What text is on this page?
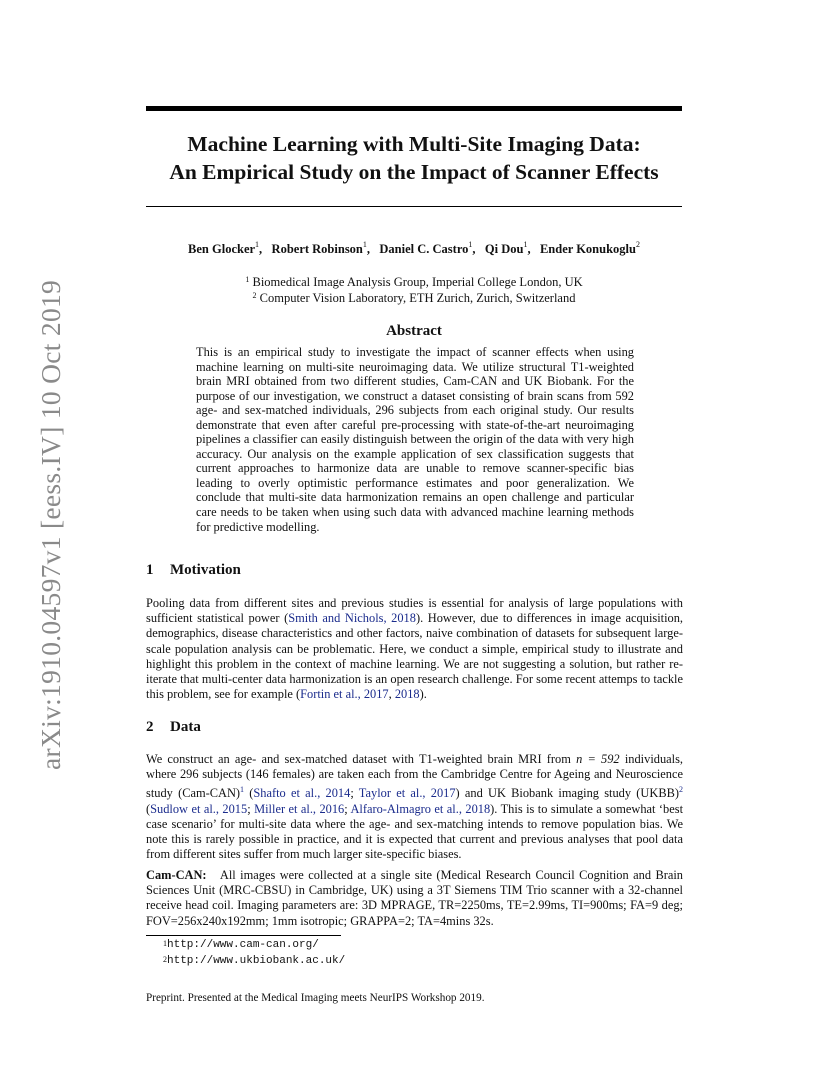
arXiv:1910.04597v1 [eess.IV] 10 Oct 2019
Machine Learning with Multi-Site Imaging Data:
An Empirical Study on the Impact of Scanner Effects
Ben Glocker$^1$,   Robert Robinson$^1$,   Daniel C. Castro$^1$,   Qi Dou$^1$,   Ender Konukoglu$^2$
$^1$ Biomedical Image Analysis Group, Imperial College London, UK
$^2$ Computer Vision Laboratory, ETH Zurich, Zurich, Switzerland
Abstract
This is an empirical study to investigate the impact of scanner effects when using machine learning on multi-site neuroimaging data. We utilize structural T1-weighted brain MRI obtained from two different studies, Cam-CAN and UK Biobank. For the purpose of our investigation, we construct a dataset consisting of brain scans from 592 age- and sex-matched individuals, 296 subjects from each original study. Our results demonstrate that even after careful pre-processing with state-of-the-art neuroimaging pipelines a classifier can easily distinguish between the origin of the data with very high accuracy. Our analysis on the example application of sex classification suggests that current approaches to harmonize data are unable to remove scanner-specific bias leading to overly optimistic performance estimates and poor generalization. We conclude that multi-site data harmonization remains an open challenge and particular care needs to be taken when using such data with advanced machine learning methods for predictive modelling.
1 Motivation
Pooling data from different sites and previous studies is essential for analysis of large populations with sufficient statistical power (Smith and Nichols, 2018). However, due to differences in image acquisition, demographics, disease characteristics and other factors, naive combination of datasets for subsequent large-scale population analysis can be problematic. Here, we conduct a simple, empirical study to illustrate and highlight this problem in the context of machine learning. We are not suggesting a solution, but rather re-iterate that multi-center data harmonization is an open research challenge. For some recent attemps to tackle this problem, see for example (Fortin et al., 2017, 2018).
2 Data
We construct an age- and sex-matched dataset with T1-weighted brain MRI from n = 592 individuals, where 296 subjects (146 females) are taken each from the Cambridge Centre for Ageing and Neuroscience study (Cam-CAN)$^1$ (Shafto et al., 2014; Taylor et al., 2017) and UK Biobank imaging study (UKBB)$^2$ (Sudlow et al., 2015; Miller et al., 2016; Alfaro-Almagro et al., 2018). This is to simulate a somewhat ‘best case scenario’ for multi-site data where the age- and sex-matching intends to remove population bias. We note this is rarely possible in practice, and it is expected that current and previous analyses that pool data from different sites suffer from much larger site-specific biases.
Cam-CAN: All images were collected at a single site (Medical Research Council Cognition and Brain Sciences Unit (MRC-CBSU) in Cambridge, UK) using a 3T Siemens TIM Trio scanner with a 32-channel receive head coil. Imaging parameters are: 3D MPRAGE, TR=2250ms, TE=2.99ms, TI=900ms; FA=9 deg; FOV=256x240x192mm; 1mm isotropic; GRAPPA=2; TA=4mins 32s.
$^1$http://www.cam-can.org/
$^2$http://www.ukbiobank.ac.uk/
Preprint. Presented at the Medical Imaging meets NeurIPS Workshop 2019.
